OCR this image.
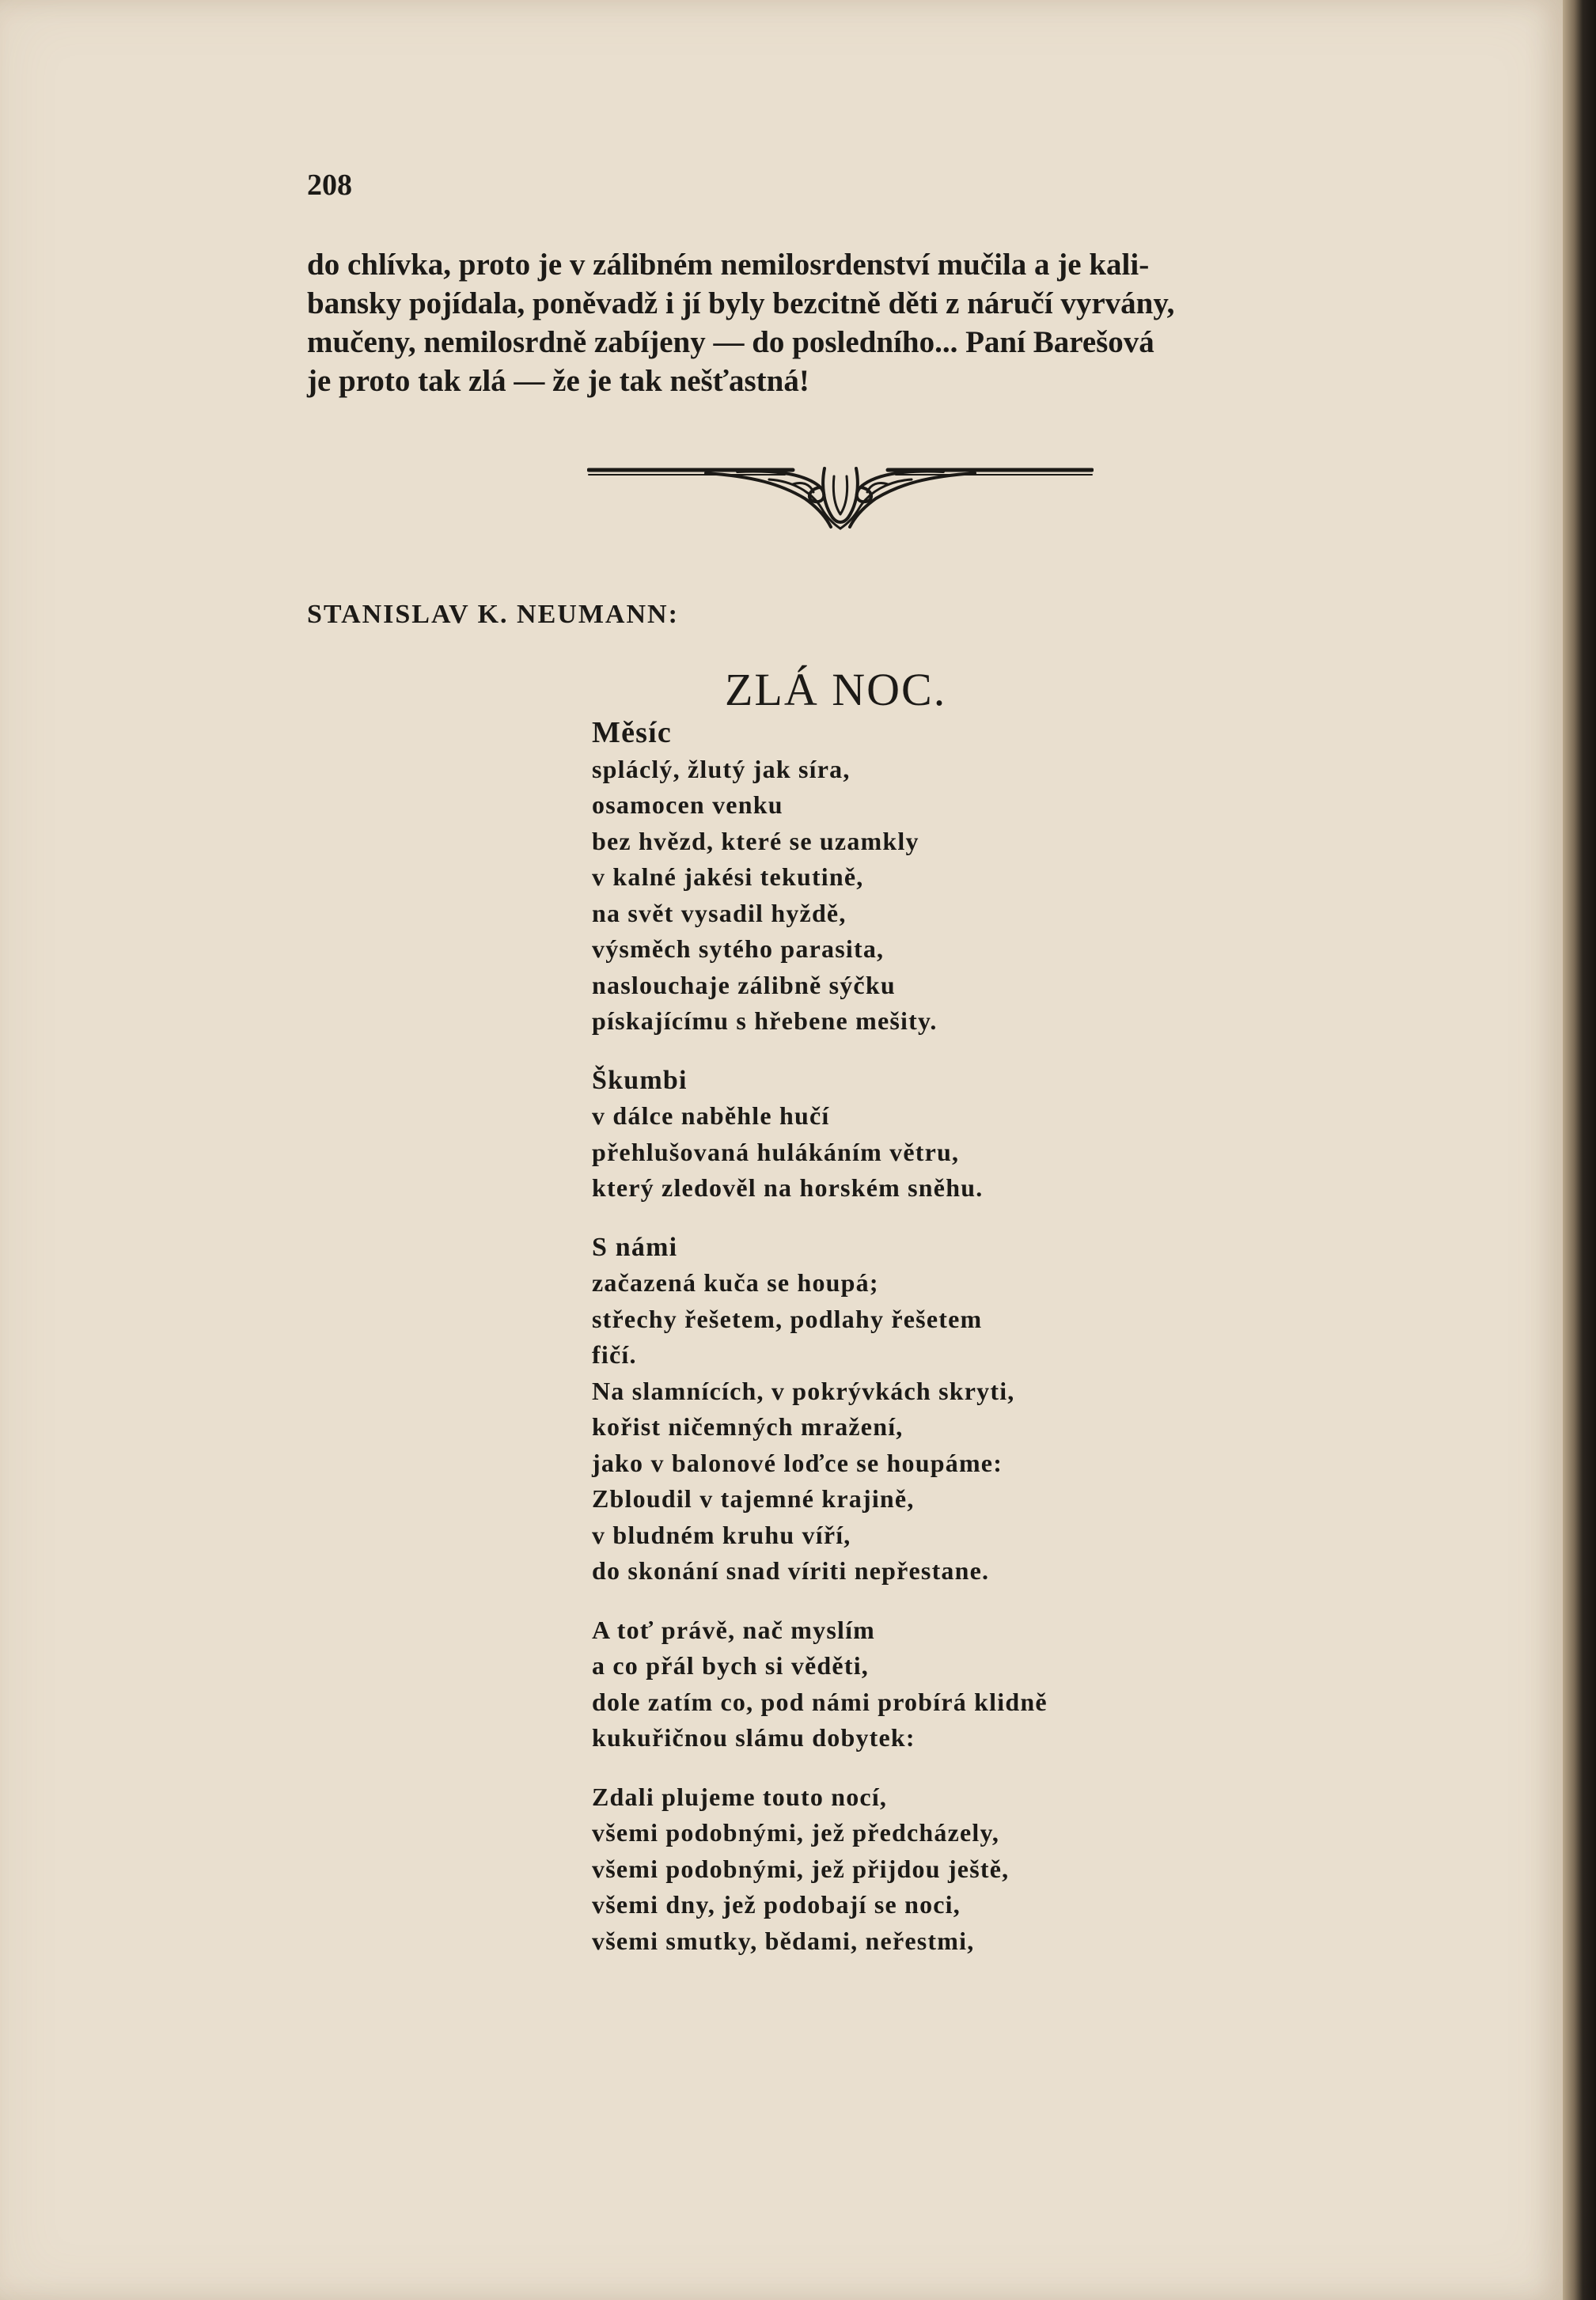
208
do chlívka, proto je v zálibném nemilosrdenství mučila a je kali-
bansky pojídala, poněvadž i jí byly bezcitně děti z náručí vyrvány,
mučeny, nemilosrdně zabíjeny — do posledního... Paní Barešová
je proto tak zlá — že je tak nešťastná!
STANISLAV K. NEUMANN:
ZLÁ NOC.
Měsíc
spláclý, žlutý jak síra,
osamocen venku
bez hvězd, které se uzamkly
v kalné jakési tekutině,
na svět vysadil hyždě,
výsměch sytého parasita,
naslouchaje zálibně sýčku
pískajícímu s hřebene mešity.
Škumbi
v dálce naběhle hučí
přehlušovaná hulákáním větru,
který zledověl na horském sněhu.
S námi
začazená kuča se houpá;
střechy řešetem, podlahy řešetem
fičí.
Na slamnících, v pokrývkách skryti,
kořist ničemných mražení,
jako v balonové loďce se houpáme:
Zbloudil v tajemné krajině,
v bludném kruhu víří,
do skonání snad víriti nepřestane.
A toť právě, nač myslím
a co přál bych si věděti,
dole zatím co, pod námi probírá klidně
kukuřičnou slámu dobytek:
Zdali plujeme touto nocí,
všemi podobnými, jež předcházely,
všemi podobnými, jež přijdou ještě,
všemi dny, jež podobají se noci,
všemi smutky, bědami, neřestmi,
